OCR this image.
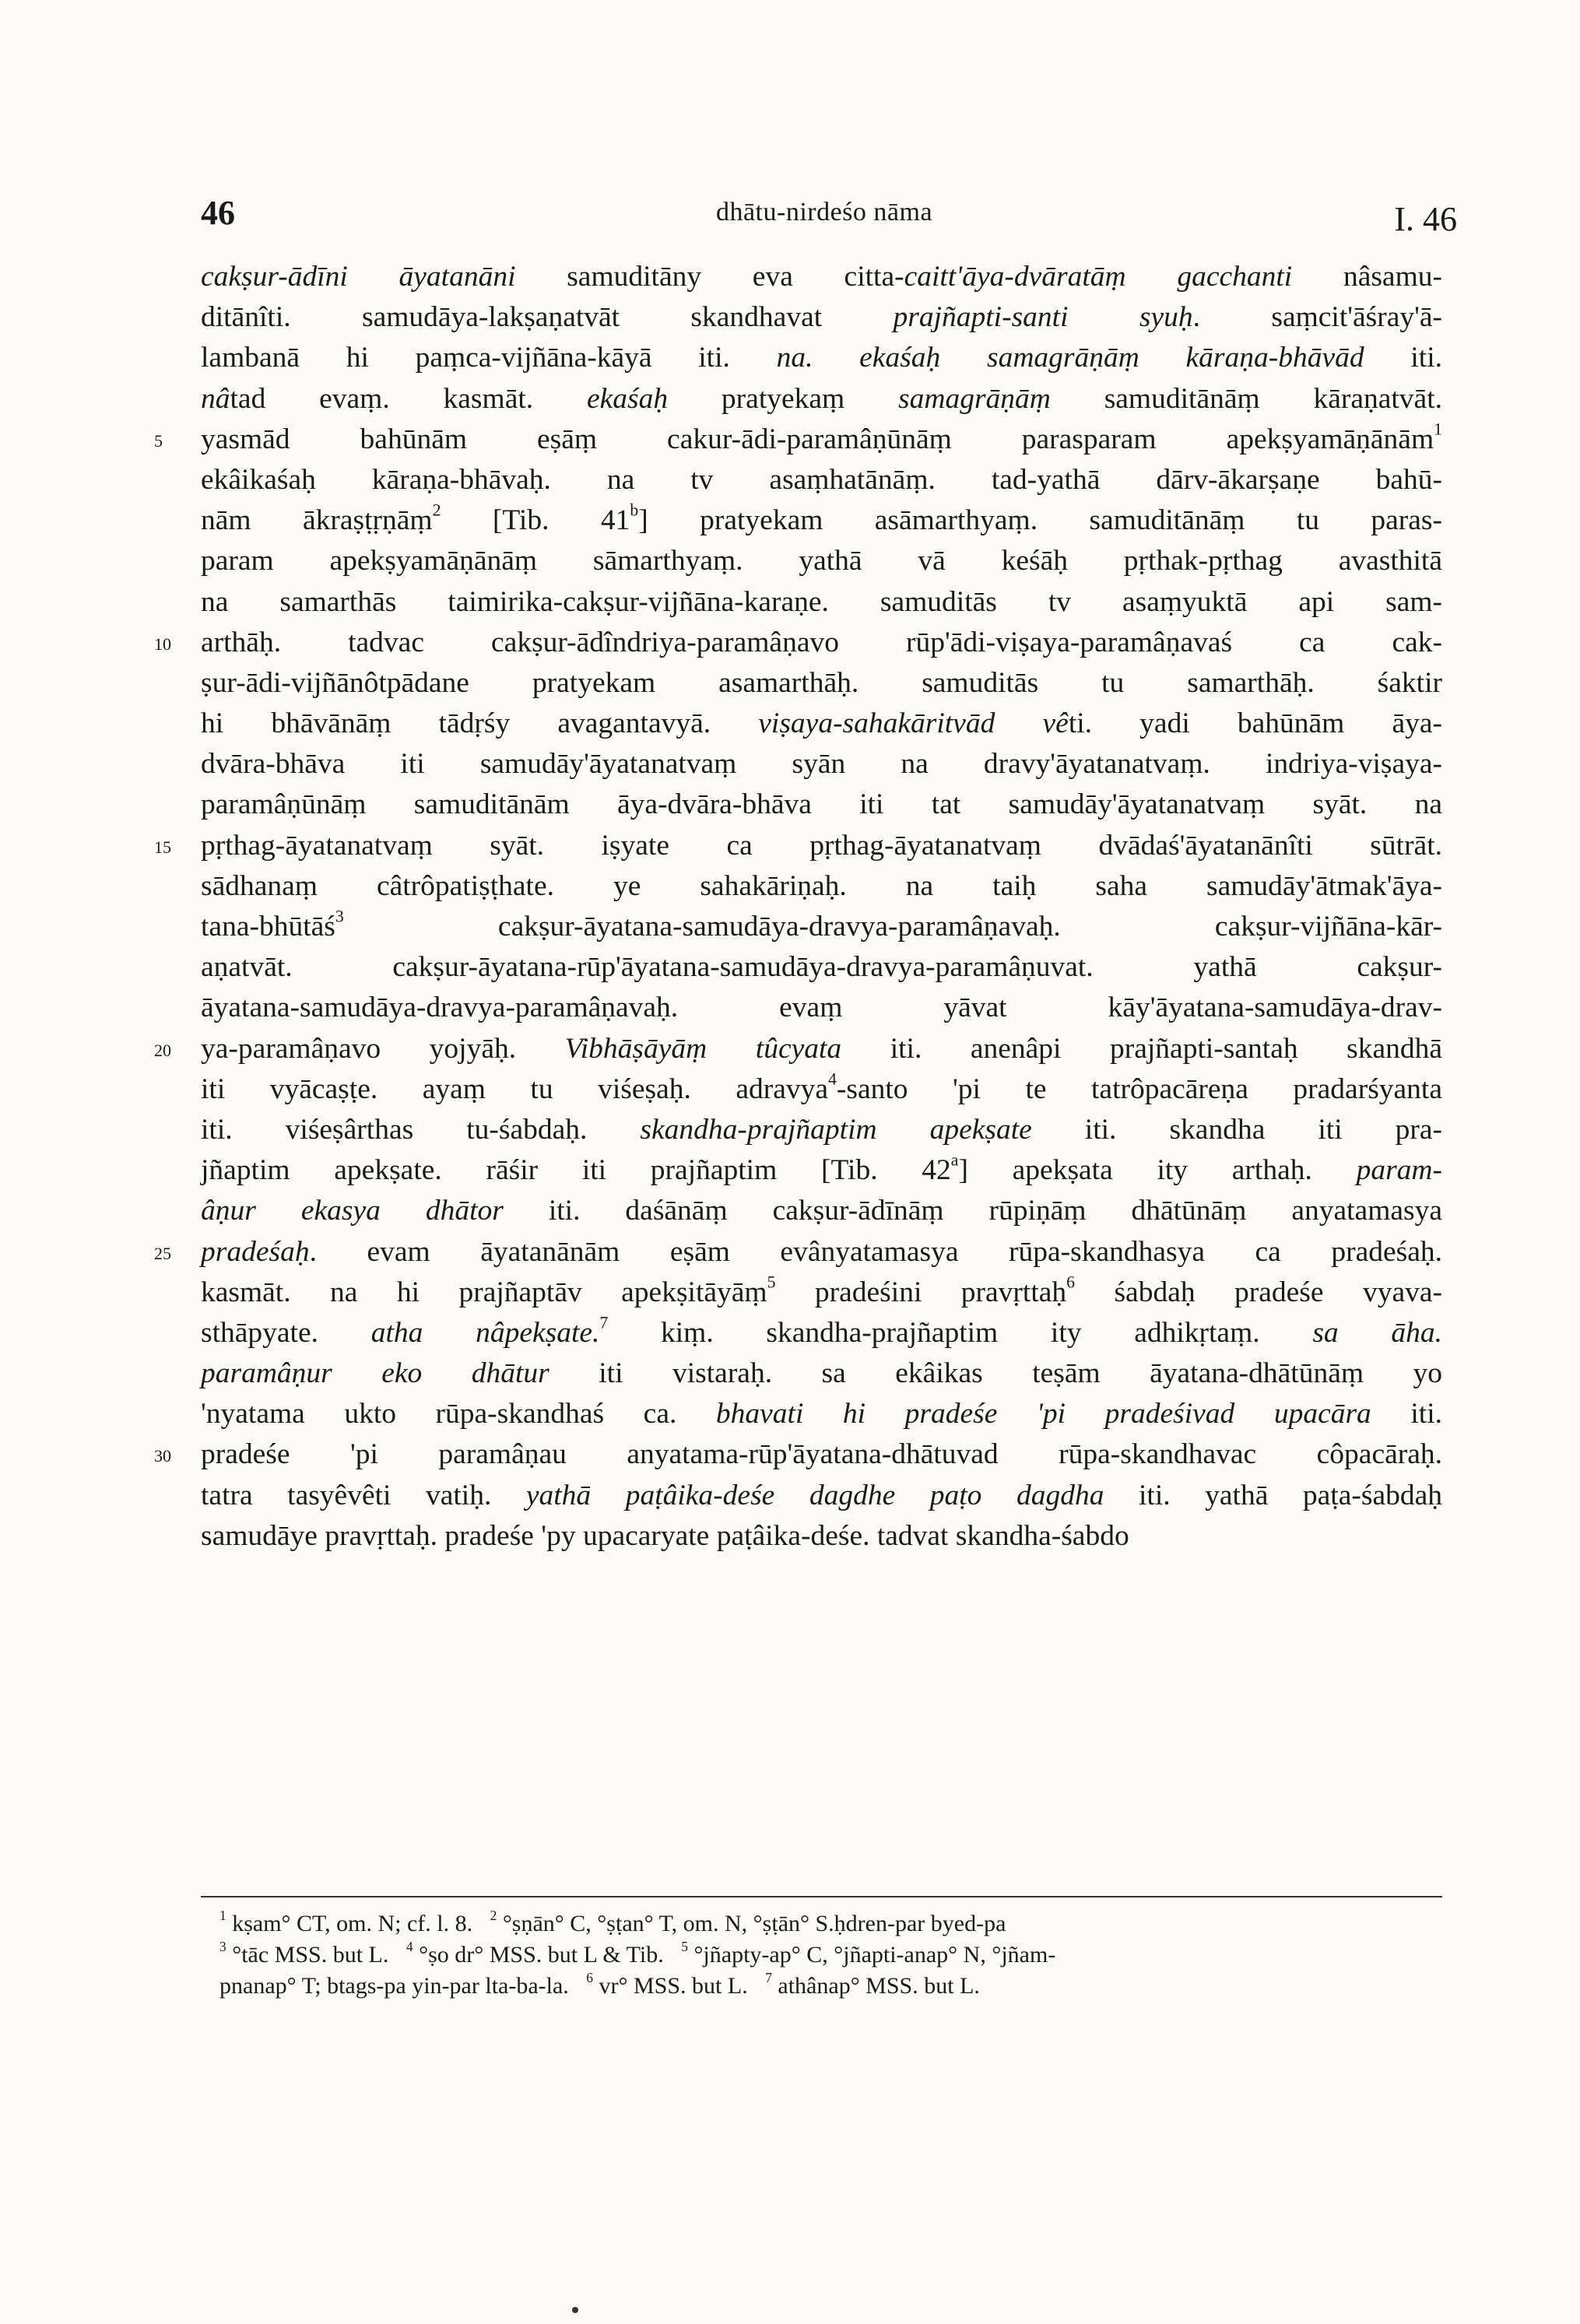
46	dhātu-nirdeśo nāma	I. 46
cakṣur-ādīni āyatanāni samuditāny eva citta-caitt'āya-dvāratāṃ gacchanti nâsamu-
ditānîti. samudāya-lakṣaṇatvāt skandhavat prajñapti-santi syuḥ. saṃcit'āśray'ā-
lambanā hi paṃca-vijñāna-kāyā iti. na. ekaśaḥ samagrāṇāṃ kāraṇa-bhāvād iti.
nâtad evaṃ. kasmāt. ekaśaḥ pratyekaṃ samagrāṇāṃ samuditānāṃ kāraṇatvāt.
5	yasmād bahūnām eṣāṃ cakur-ādi-paramâṇūnāṃ parasparam apekṣyamāṇānām$^1$
ekâikaśaḥ kāraṇa-bhāvaḥ. na tv asaṃhatānāṃ. tad-yathā dārv-ākarṣaṇe bahū-
nām ākraṣṭṛṇāṃ$^2$ [Tib. 41$^b$] pratyekam asāmarthyaṃ. samuditānāṃ tu paras-
param apekṣyamāṇānāṃ sāmarthyaṃ. yathā vā keśāḥ pṛthak-pṛthag avasthitā
na samarthās taimirika-cakṣur-vijñāna-karaṇe. samuditās tv asaṃyuktā api sam-
10	arthāḥ. tadvac cakṣur-ādîndriya-paramâṇavo rūp'ādi-viṣaya-paramâṇavaś ca cak-
ṣur-ādi-vijñānôtpādane pratyekam asamarthāḥ. samuditās tu samarthāḥ. śaktir
hi bhāvānāṃ tādṛśy avagantavyā. viṣaya-sahakāritvād vêti. yadi bahūnām āya-
dvāra-bhāva iti samudāy'āyatanatvaṃ syān na dravy'āyatanatvaṃ. indriya-viṣaya-
paramâṇūnāṃ samuditānām āya-dvāra-bhāva iti tat samudāy'āyatanatvaṃ syāt. na
15	pṛthag-āyatanatvaṃ syāt. iṣyate ca pṛthag-āyatanatvaṃ dvādaś'āyatanānîti sūtrāt.
sādhanaṃ câtrôpatiṣṭhate. ye sahakāriṇaḥ. na taiḥ saha samudāy'ātmak'āya-
tana-bhūtāś$^3$ cakṣur-āyatana-samudāya-dravya-paramâṇavaḥ. cakṣur-vijñāna-kār-
aṇatvāt. cakṣur-āyatana-rūp'āyatana-samudāya-dravya-paramâṇuvat. yathā cakṣur-
āyatana-samudāya-dravya-paramâṇavaḥ. evaṃ yāvat kāy'āyatana-samudāya-drav-
20	ya-paramâṇavo yojyāḥ. Vibhāṣāyāṃ tûcyata iti. anenâpi prajñapti-santaḥ skandhā
iti vyācaṣṭe. ayaṃ tu viśeṣaḥ. adravya$^4$-santo 'pi te tatrôpacāreṇa pradarśyanta
iti. viśeṣârthas tu-śabdaḥ. skandha-prajñaptim apekṣate iti. skandha iti pra-
jñaptim apekṣate. rāśir iti prajñaptim [Tib. 42$^a$] apekṣata ity arthaḥ. param-
âṇur ekasya dhātor iti. daśānāṃ cakṣur-ādīnāṃ rūpiṇāṃ dhātūnāṃ anyatamasya
25	pradeśaḥ. evam āyatanānām eṣām evânyatamasya rūpa-skandhasya ca pradeśaḥ.
kasmāt. na hi prajñaptāv apekṣitāyāṃ$^5$ pradeśini pravṛttaḥ$^6$ śabdaḥ pradeśe vyava-
sthāpyate. atha nâpekṣate.$^7$ kiṃ. skandha-prajñaptim ity adhikṛtaṃ. sa āha.
paramâṇur eko dhātur iti vistaraḥ. sa ekâikas teṣām āyatana-dhātūnāṃ yo
'nyatama ukto rūpa-skandhaś ca. bhavati hi pradeśe 'pi pradeśivad upacāra iti.
30	pradeśe 'pi paramâṇau anyatama-rūp'āyatana-dhātuvad rūpa-skandhavac côpacāraḥ.
tatra tasyêvêti vatiḥ. yathā paṭâika-deśe dagdhe paṭo dagdha iti. yathā paṭa-śabdaḥ
samudāye pravṛttaḥ. pradeśe 'py upacaryate paṭâika-deśe. tadvat skandha-śabdo
$^1$ kṣam° CT, om. N; cf. l. 8.   $^2$ °ṣṇān° C, °ṣṭan° T, om. N, °ṣṭān° S.ḥdren-par byed-pa
$^3$ °tāc MSS. but L.   $^4$ °ṣo dr° MSS. but L & Tib.   $^5$ °jñapty-ap° C, °jñapti-anap° N, °jñam-
pnanap° T; btags-pa yin-par lta-ba-la.   $^6$ vr° MSS. but L.   $^7$ athânap° MSS. but L.
